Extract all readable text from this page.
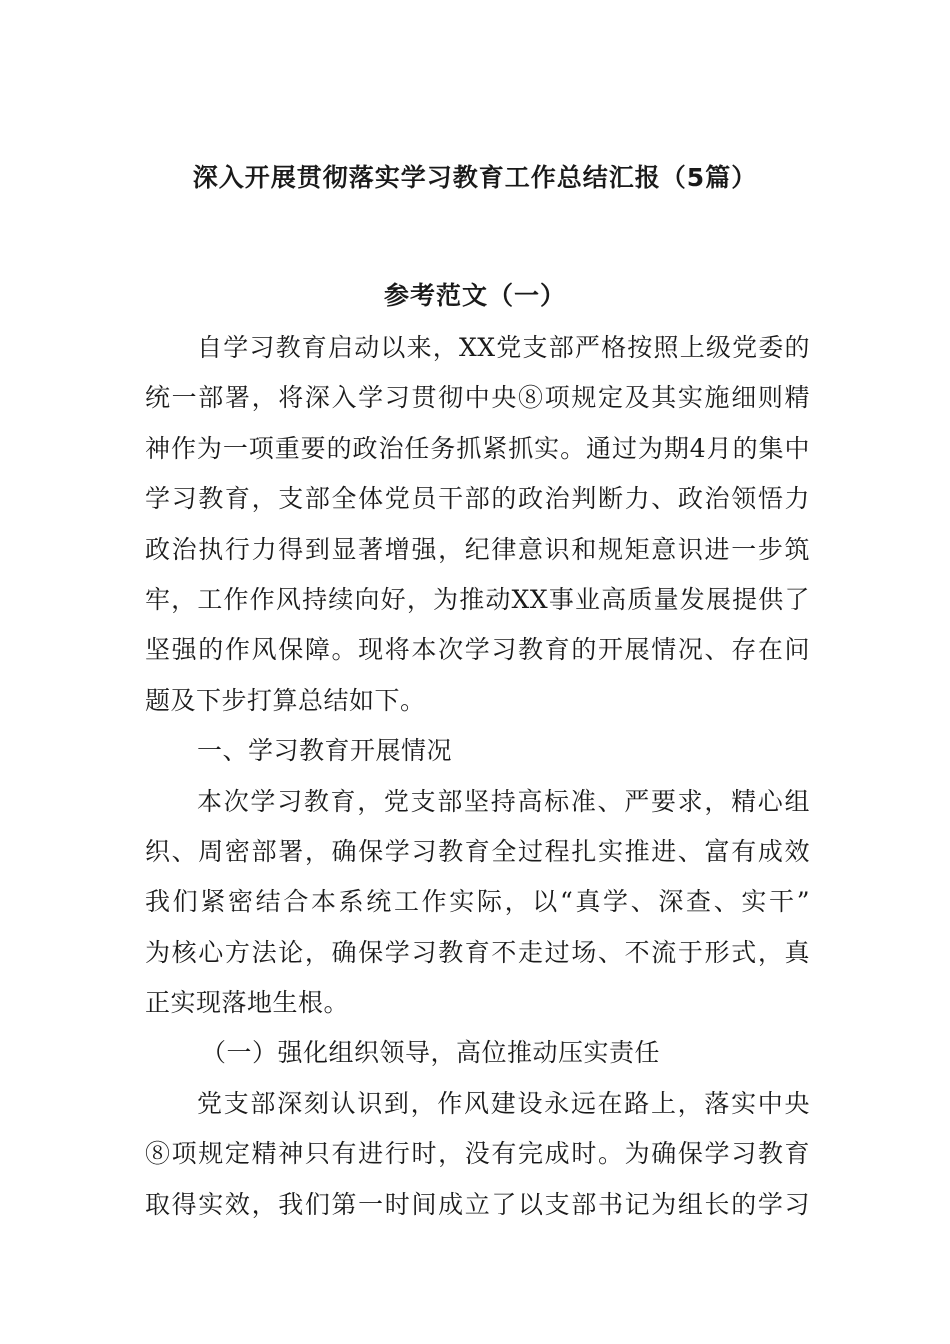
深入开展贯彻落实学习教育工作总结汇报（5篇）
参考范文（一）
自学习教育启动以来，XX党支部严格按照上级党委的
统一部署，将深入学习贯彻中央⑧项规定及其实施细则精
神作为一项重要的政治任务抓紧抓实。通过为期4月的集中
学习教育，支部全体党员干部的政治判断力、政治领悟力
政治执行力得到显著增强，纪律意识和规矩意识进一步筑
牢，工作作风持续向好，为推动XX事业高质量发展提供了
坚强的作风保障。现将本次学习教育的开展情况、存在问
题及下步打算总结如下。
一、学习教育开展情况
本次学习教育，党支部坚持高标准、严要求，精心组
织、周密部署，确保学习教育全过程扎实推进、富有成效
我们紧密结合本系统工作实际，以“真学、深查、实干”
为核心方法论，确保学习教育不走过场、不流于形式，真
正实现落地生根。
（一）强化组织领导，高位推动压实责任
党支部深刻认识到，作风建设永远在路上，落实中央
⑧项规定精神只有进行时，没有完成时。为确保学习教育
取得实效，我们第一时间成立了以支部书记为组长的学习
